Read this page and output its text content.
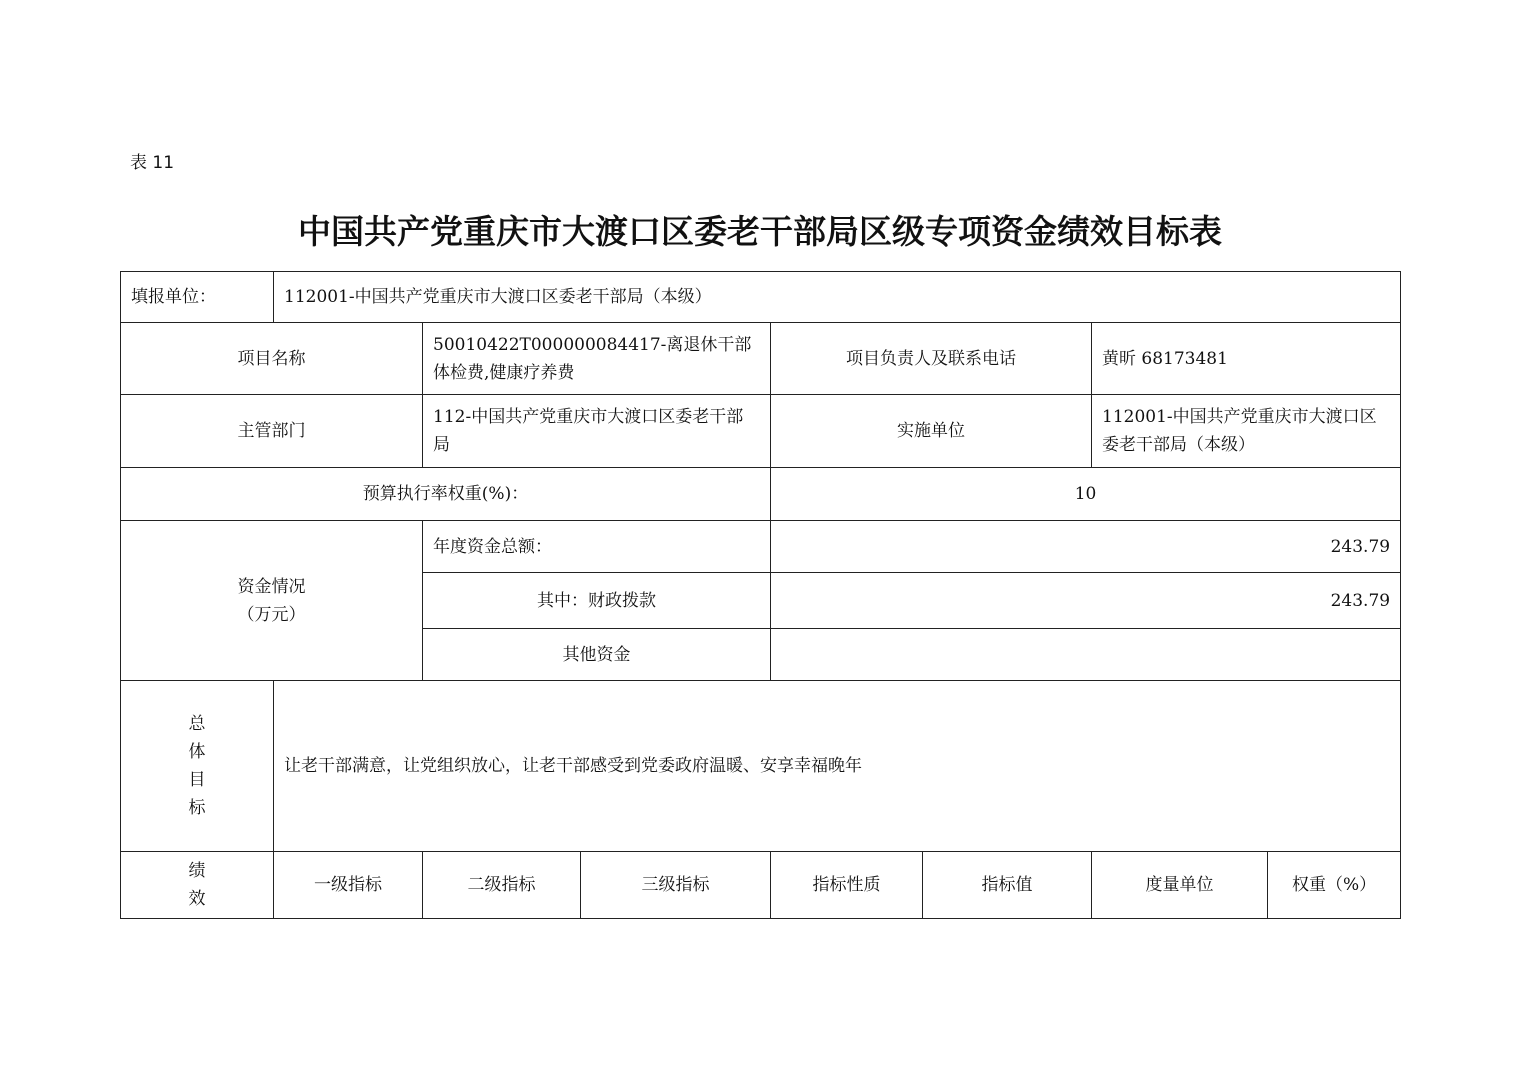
表 11
中国共产党重庆市大渡口区委老干部局区级专项资金绩效目标表
填报单位：	112001-中国共产党重庆市大渡口区委老干部局（本级）						
项目名称		50010422T000000084417-离退休干部体检费,健康疗养费		项目负责人及联系电话		黄昕 68173481	
主管部门		112-中国共产党重庆市大渡口区委老干部局		实施单位		112001-中国共产党重庆市大渡口区委老干部局（本级）	
预算执行率权重(%)：				10			

资金情况
（万元）		年度资金总额：		243.79			
		其中：财政拨款		243.79			
		其他资金					

总
体
目
标	让老干部满意，让党组织放心，让老干部感受到党委政府温暖、安享幸福晚年						

绩
效	一级指标	二级指标	三级指标	指标性质	指标值	度量单位	权重（%）
